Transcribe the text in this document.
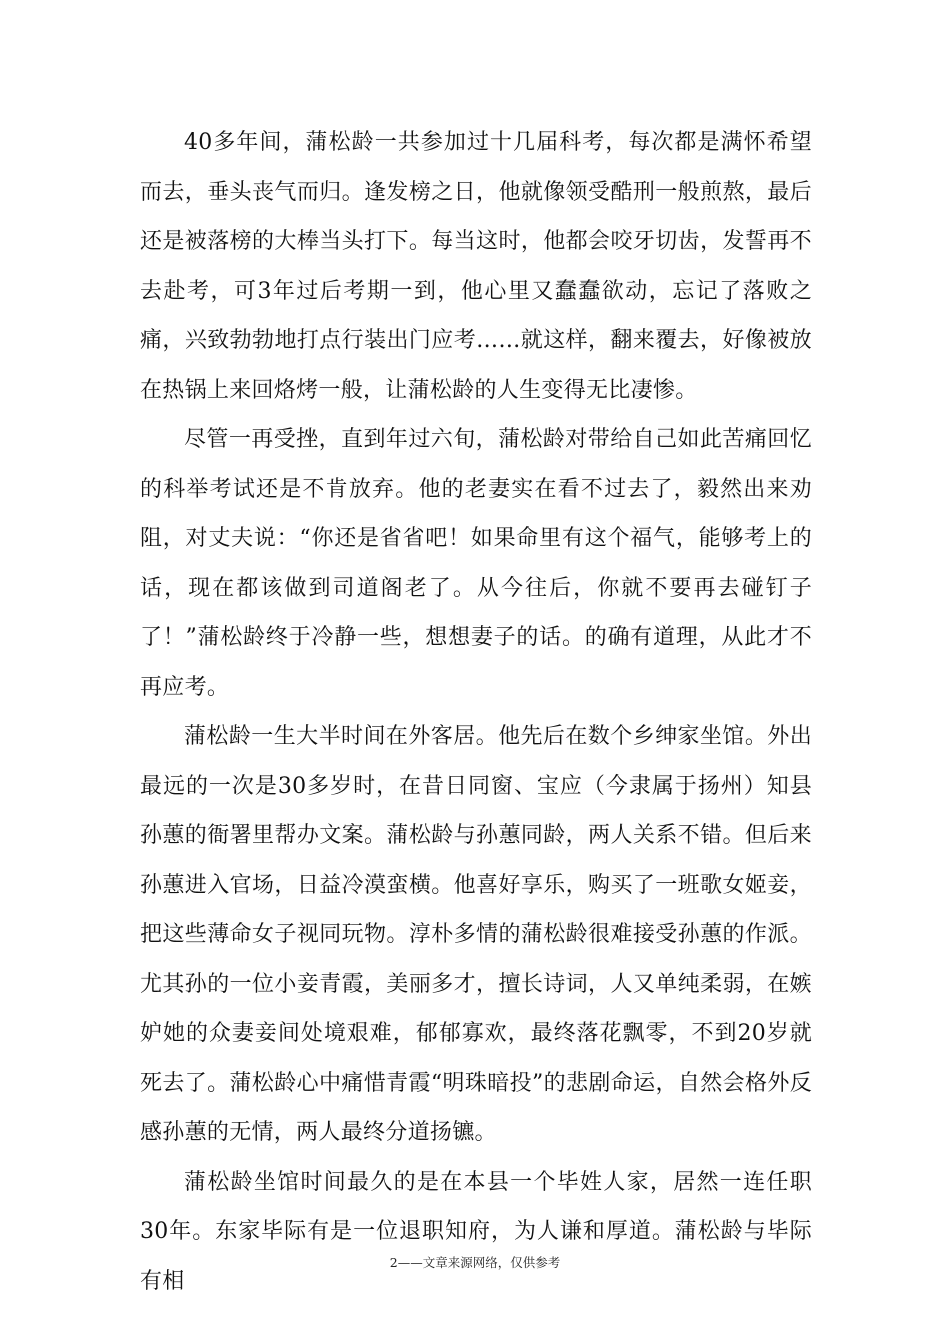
40多年间，蒲松龄一共参加过十几届科考，每次都是满怀希望而去，垂头丧气而归。逢发榜之日，他就像领受酷刑一般煎熬，最后还是被落榜的大棒当头打下。每当这时，他都会咬牙切齿，发誓再不去赴考，可3年过后考期一到，他心里又蠢蠢欲动，忘记了落败之痛，兴致勃勃地打点行装出门应考……就这样，翻来覆去，好像被放在热锅上来回烙烤一般，让蒲松龄的人生变得无比凄惨。

尽管一再受挫，直到年过六旬，蒲松龄对带给自己如此苦痛回忆的科举考试还是不肯放弃。他的老妻实在看不过去了，毅然出来劝阻，对丈夫说：“你还是省省吧！如果命里有这个福气，能够考上的话，现在都该做到司道阁老了。从今往后，你就不要再去碰钉子了！”蒲松龄终于冷静一些，想想妻子的话。的确有道理，从此才不再应考。

蒲松龄一生大半时间在外客居。他先后在数个乡绅家坐馆。外出最远的一次是30多岁时，在昔日同窗、宝应（今隶属于扬州）知县孙蕙的衙署里帮办文案。蒲松龄与孙蕙同龄，两人关系不错。但后来孙蕙进入官场，日益冷漠蛮横。他喜好享乐，购买了一班歌女姬妾，把这些薄命女子视同玩物。淳朴多情的蒲松龄很难接受孙蕙的作派。尤其孙的一位小妾青霞，美丽多才，擅长诗词，人又单纯柔弱，在嫉妒她的众妻妾间处境艰难，郁郁寡欢，最终落花飘零，不到20岁就死去了。蒲松龄心中痛惜青霞“明珠暗投”的悲剧命运，自然会格外反感孙蕙的无情，两人最终分道扬镳。

蒲松龄坐馆时间最久的是在本县一个毕姓人家，居然一连任职30年。东家毕际有是一位退职知府，为人谦和厚道。蒲松龄与毕际有相

2——文章来源网络，仅供参考
